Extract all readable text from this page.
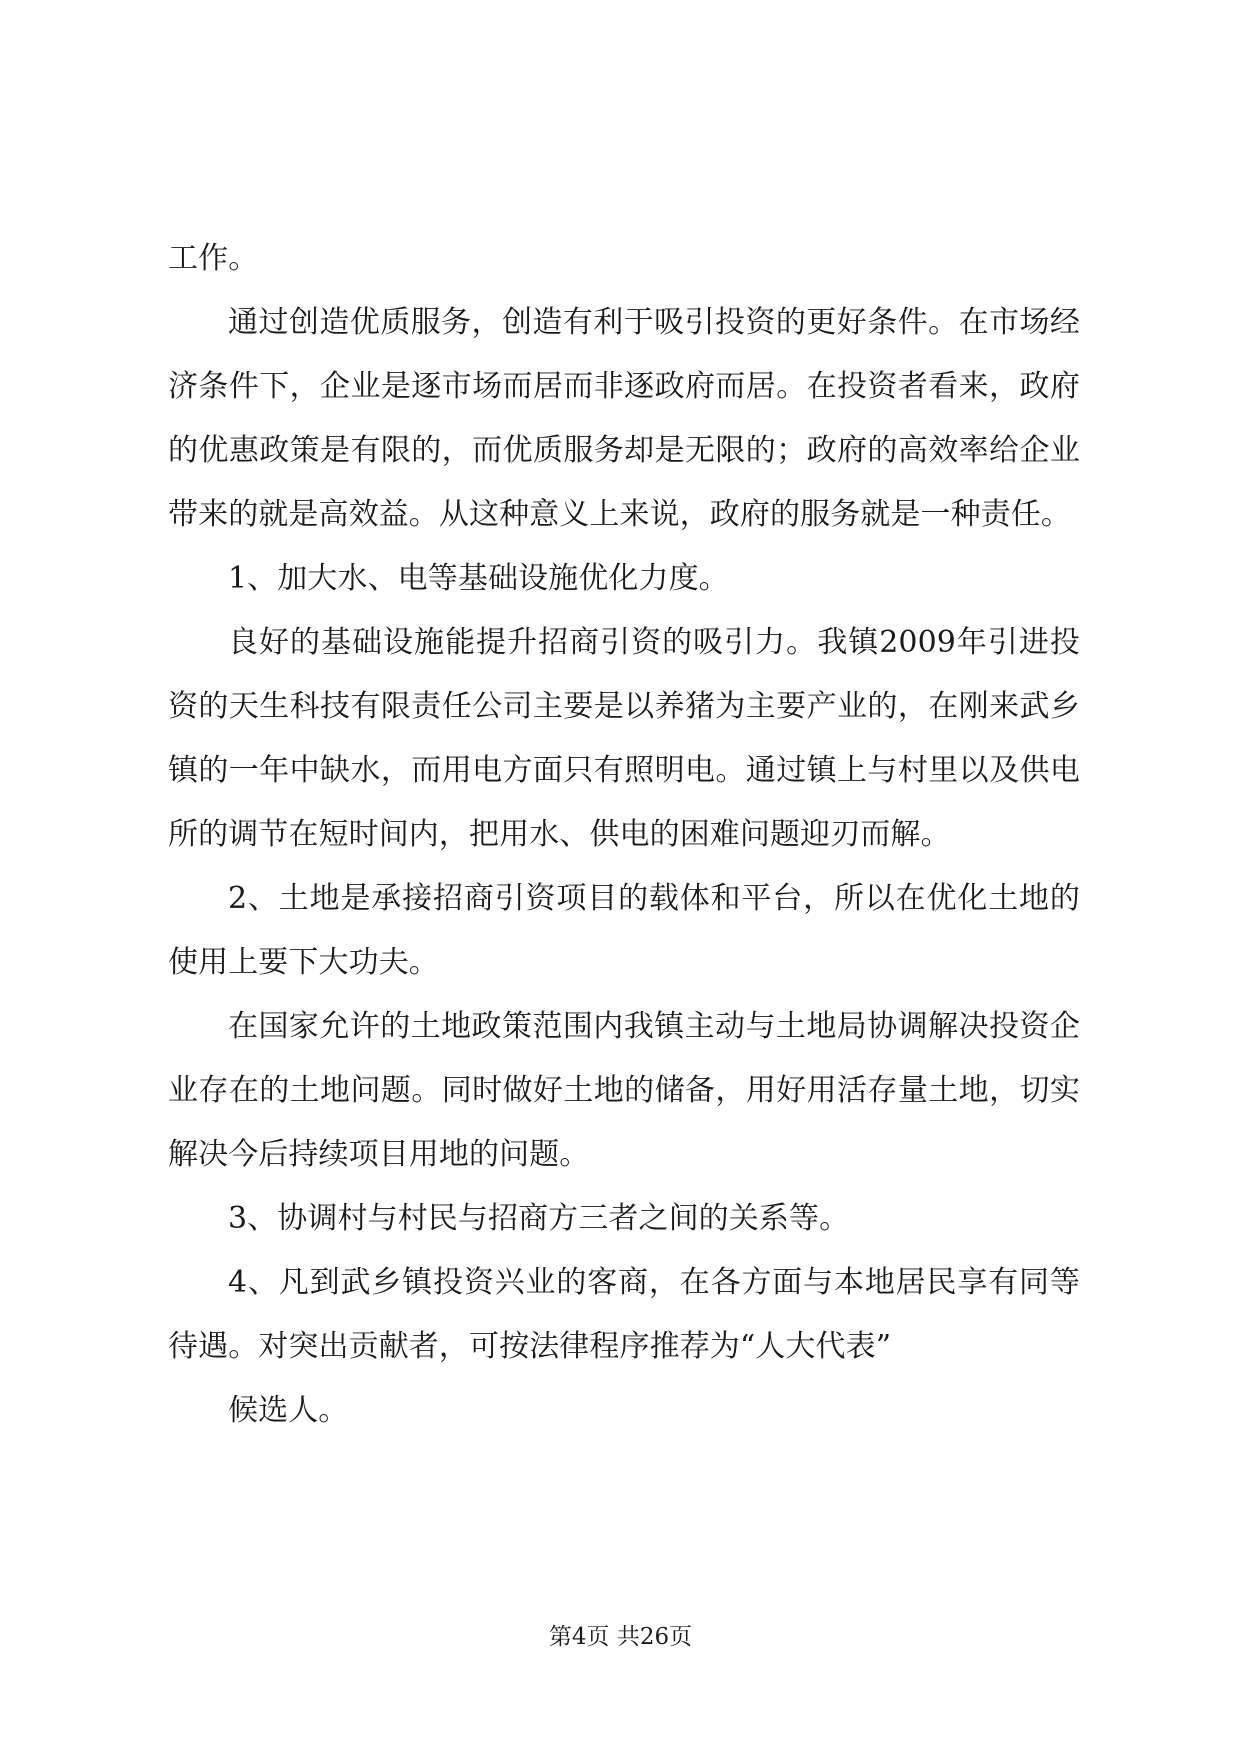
工作。

通过创造优质服务，创造有利于吸引投资的更好条件。在市场经济条件下，企业是逐市场而居而非逐政府而居。在投资者看来，政府的优惠政策是有限的，而优质服务却是无限的；政府的高效率给企业带来的就是高效益。从这种意义上来说，政府的服务就是一种责任。

1、加大水、电等基础设施优化力度。

良好的基础设施能提升招商引资的吸引力。我镇2009年引进投资的天生科技有限责任公司主要是以养猪为主要产业的，在刚来武乡镇的一年中缺水，而用电方面只有照明电。通过镇上与村里以及供电所的调节在短时间内，把用水、供电的困难问题迎刃而解。

2、土地是承接招商引资项目的载体和平台，所以在优化土地的使用上要下大功夫。

在国家允许的土地政策范围内我镇主动与土地局协调解决投资企业存在的土地问题。同时做好土地的储备，用好用活存量土地，切实解决今后持续项目用地的问题。

3、协调村与村民与招商方三者之间的关系等。

4、凡到武乡镇投资兴业的客商，在各方面与本地居民享有同等待遇。对突出贡献者，可按法律程序推荐为“人大代表”

候选人。

第4页 共26页
